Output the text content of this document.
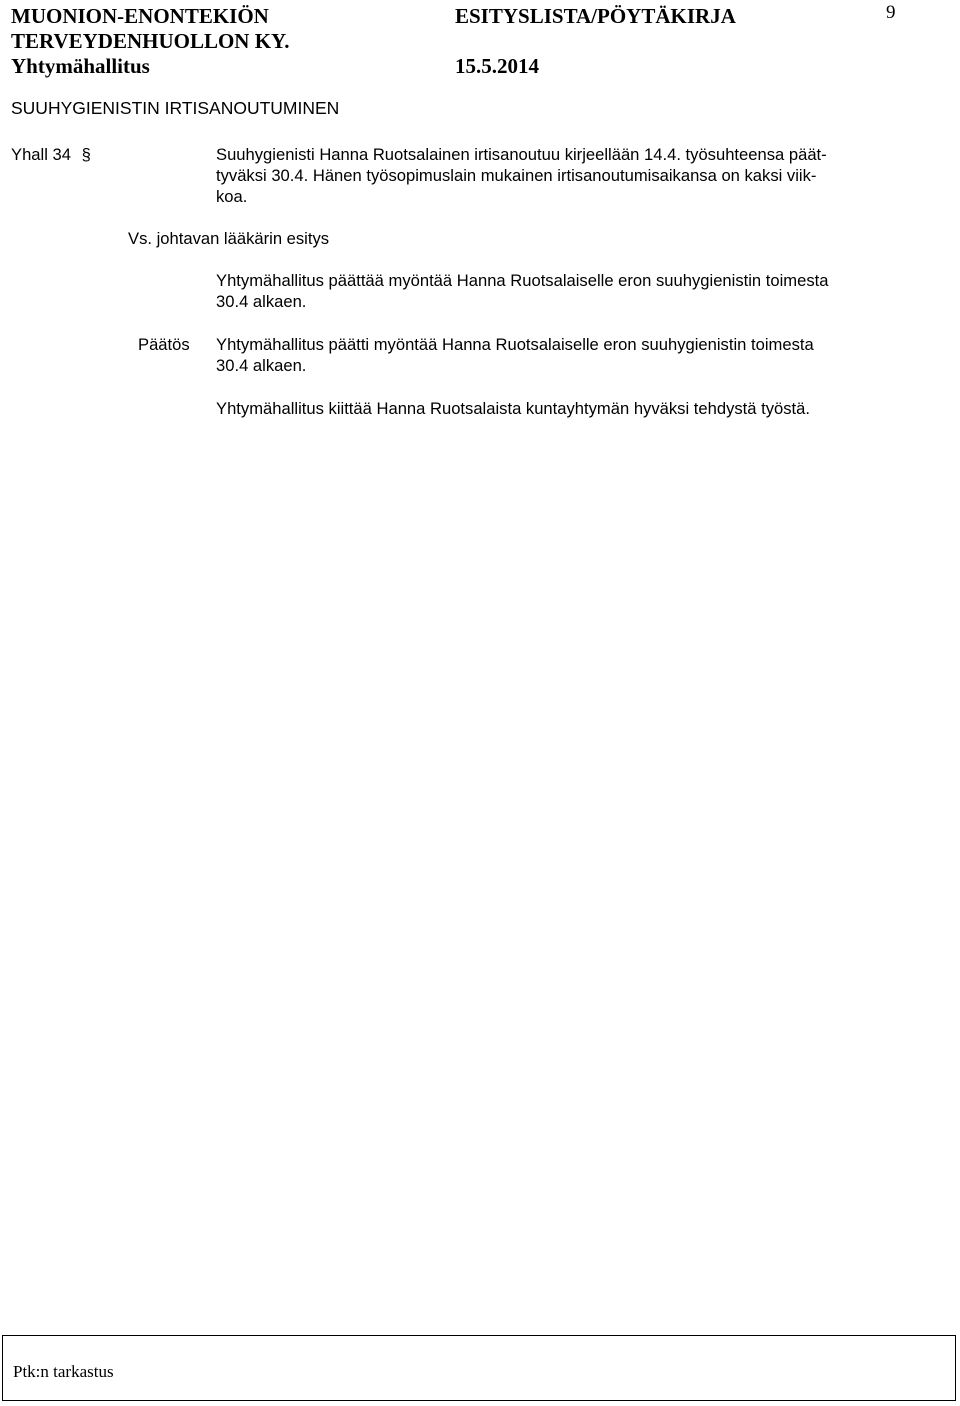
MUONION-ENONTEKIÖN
TERVEYDENHUOLLON KY.
Yhtymähallitus
ESITYSLISTA/PÖYTÄKIRJA
15.5.2014
9
SUUHYGIENISTIN IRTISANOUTUMINEN
Yhall 34 §	Suuhygienisti Hanna Ruotsalainen irtisanoutuu kirjeellään 14.4. työsuhteensa päät-
tyväksi 30.4. Hänen työsopimuslain mukainen irtisanoutumisaikansa on kaksi viik-
koa.
Vs. johtavan lääkärin esitys
Yhtymähallitus päättää myöntää Hanna Ruotsalaiselle eron suuhygienistin toimesta
30.4 alkaen.
Päätös Yhtymähallitus päätti myöntää Hanna Ruotsalaiselle eron suuhygienistin toimesta
30.4 alkaen.
Yhtymähallitus kiittää Hanna Ruotsalaista kuntayhtymän hyväksi tehdystä työstä.
Ptk:n tarkastus
